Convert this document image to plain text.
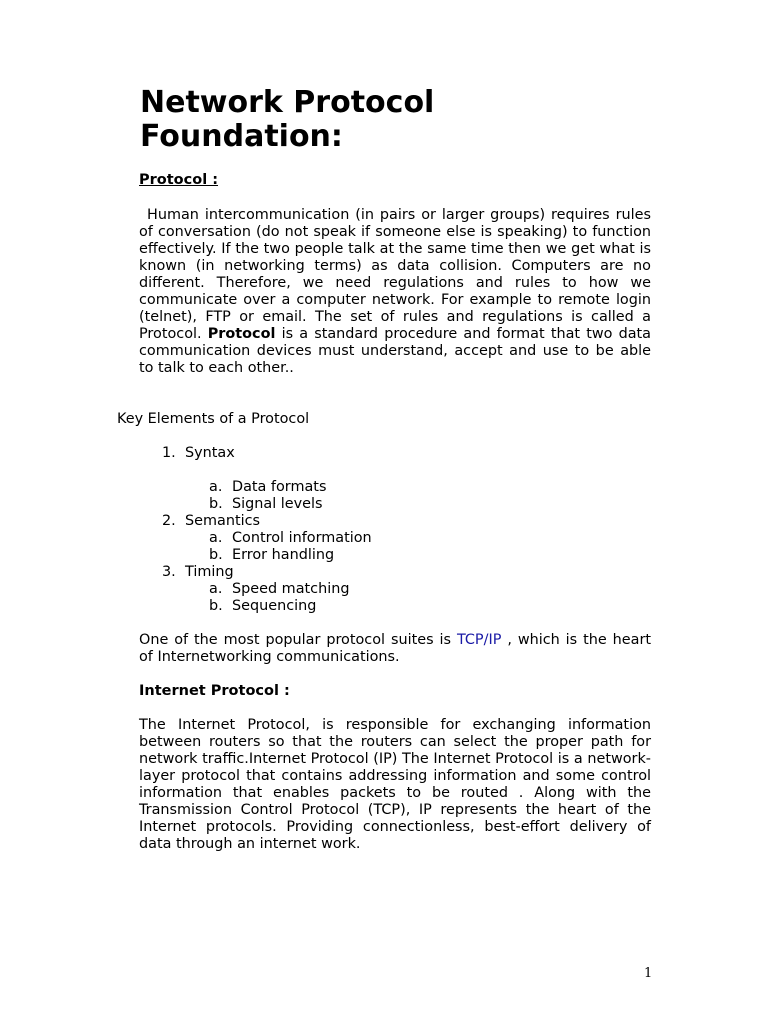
Network Protocol
Foundation:
Protocol :

Human intercommunication (in pairs or larger groups) requires rules of conversation (do not speak if someone else is speaking) to function effectively. If the two people talk at the same time then we get what is known (in networking terms) as data collision. Computers are no different. Therefore, we need regulations and rules to how we communicate over a computer network. For example to remote login (telnet), FTP or email. The set of rules and regulations is called a Protocol. Protocol is a standard procedure and format that two data communication devices must understand, accept and use to be able to talk to each other..

Key Elements of a Protocol

1. Syntax
a. Data formats
b. Signal levels
2. Semantics
a. Control information
b. Error handling
3. Timing
a. Speed matching
b. Sequencing

One of the most popular protocol suites is TCP/IP , which is the heart of Internetworking communications.

Internet Protocol :

The Internet Protocol, is responsible for exchanging information between routers so that the routers can select the proper path for network traffic.Internet Protocol (IP) The Internet Protocol is a network-layer protocol that contains addressing information and some control information that enables packets to be routed . Along with the Transmission Control Protocol (TCP), IP represents the heart of the Internet protocols. Providing connectionless, best-effort delivery of data through an internet work.

1
